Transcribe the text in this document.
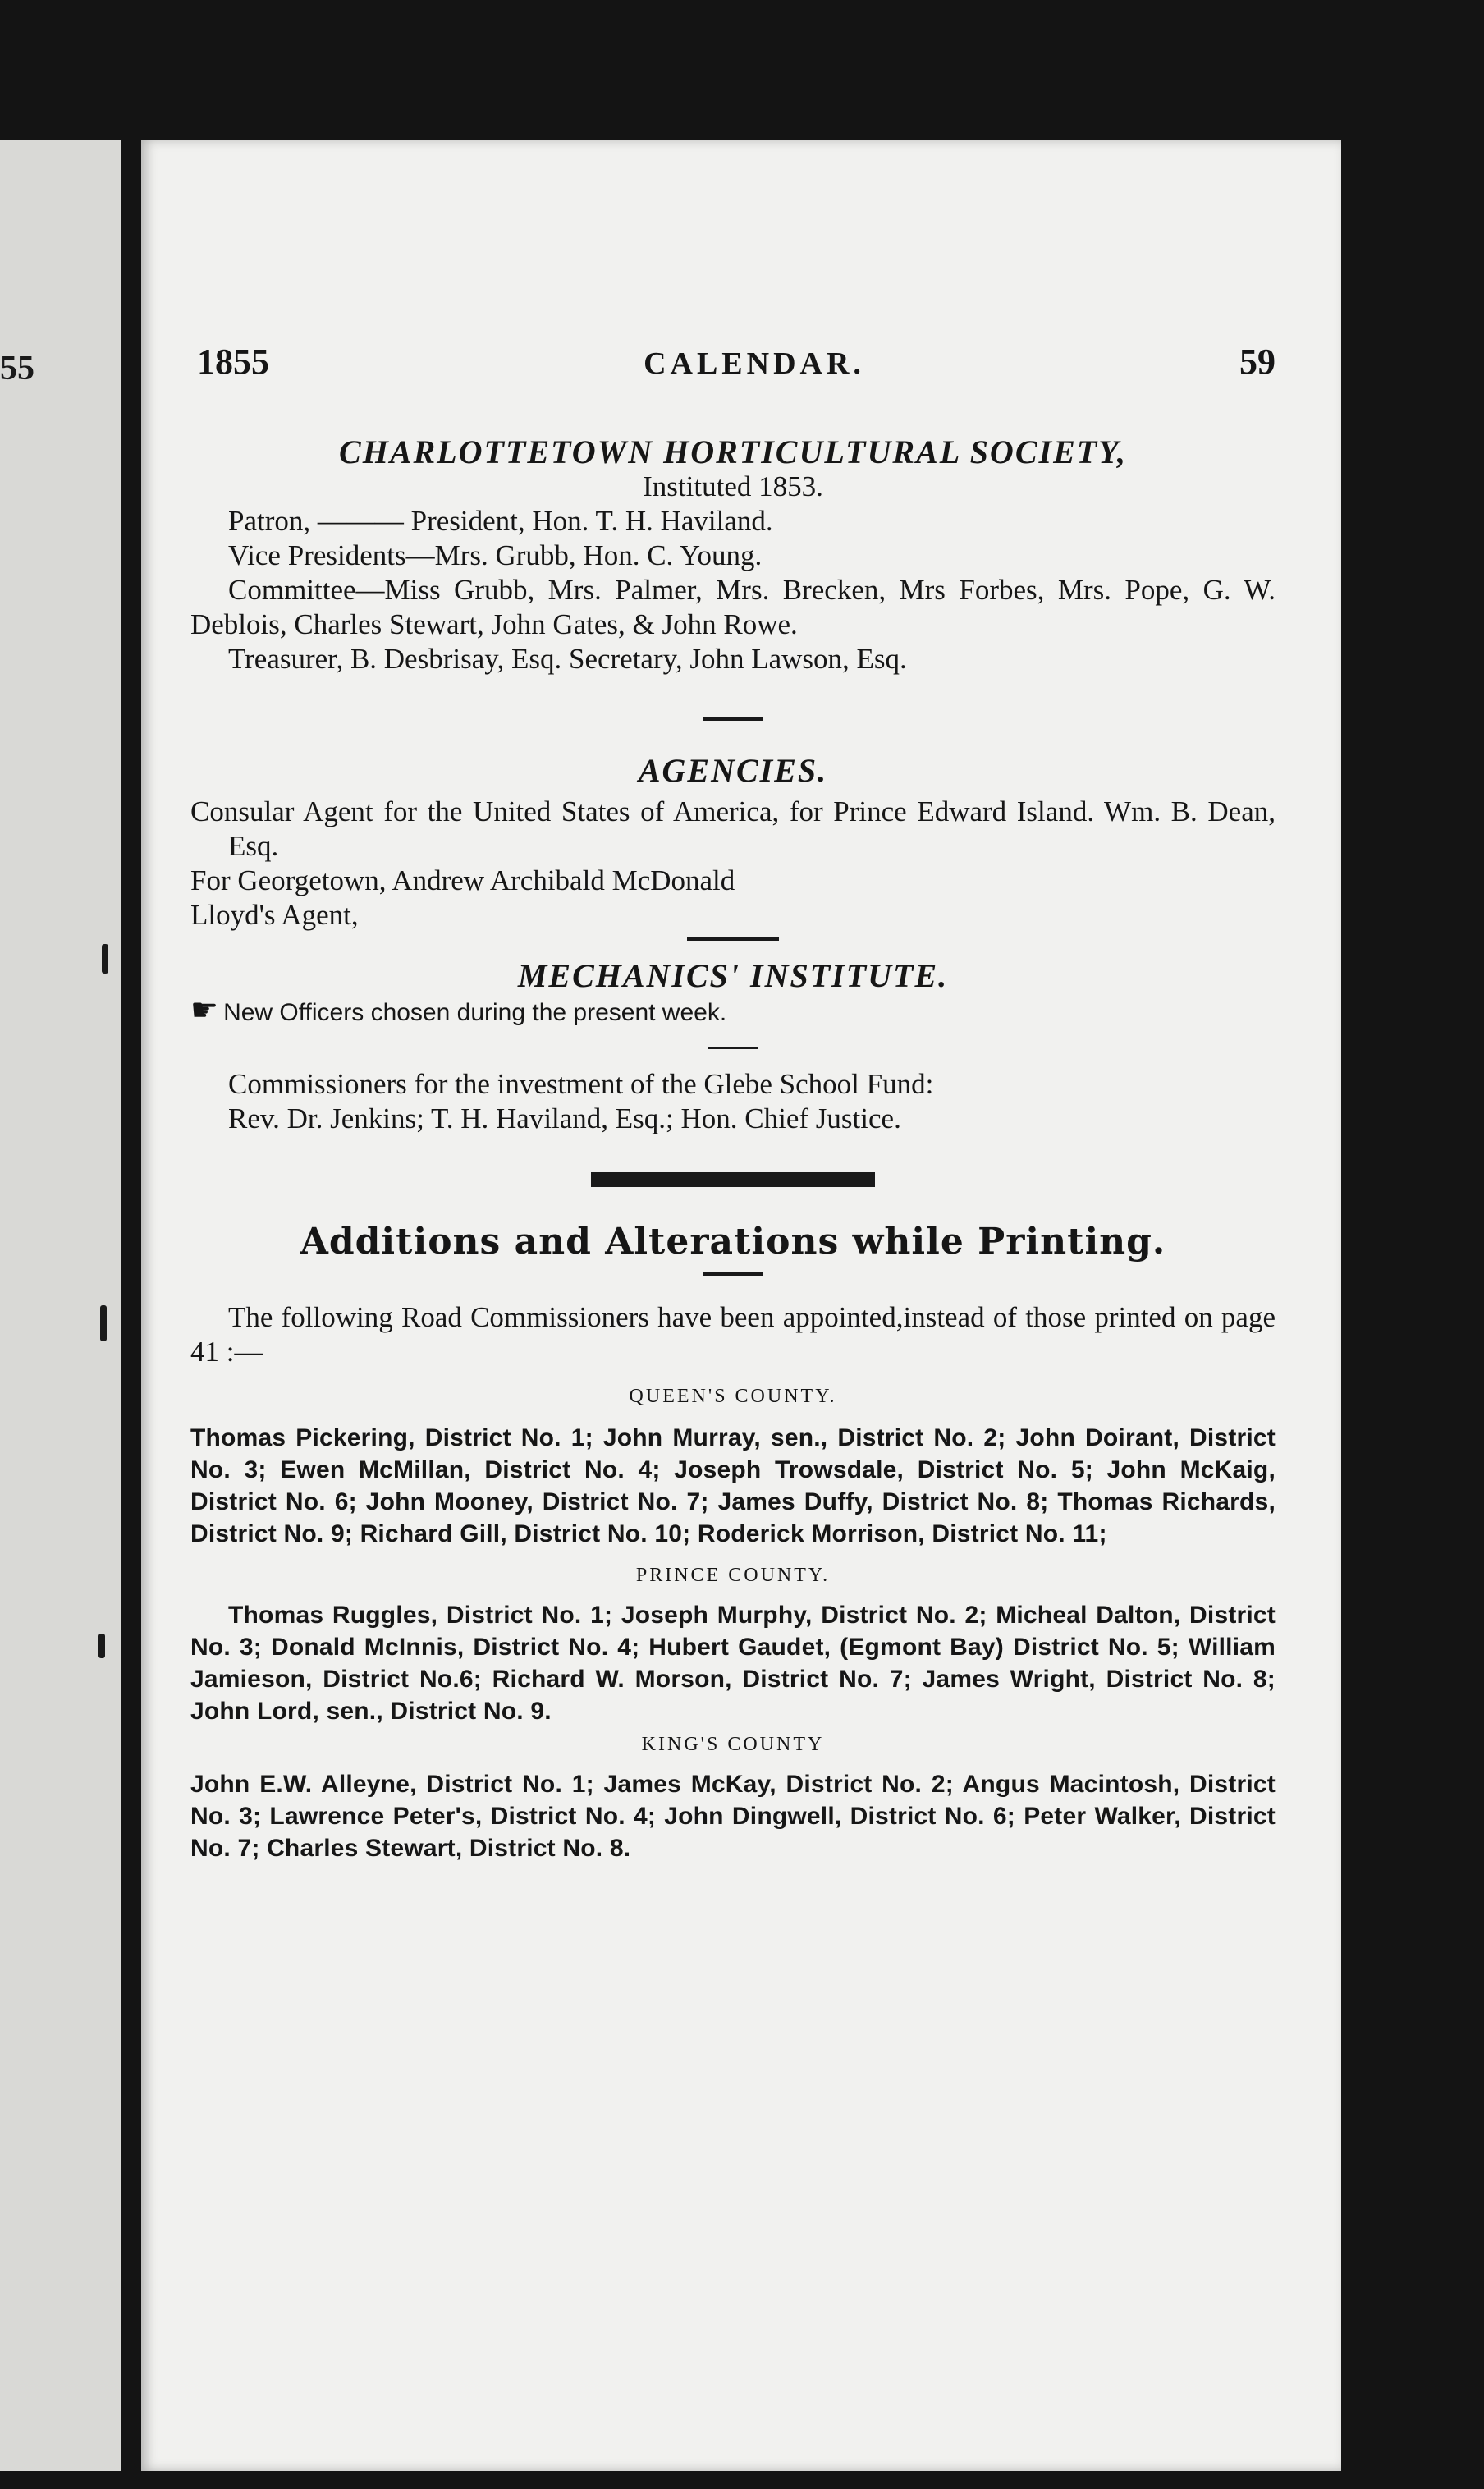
55	1855	CALENDAR.	59

CHARLOTTETOWN HORTICULTURAL SOCIETY,

Instituted 1853.

Patron, ——— President, Hon. T. H. Haviland.

Vice Presidents—Mrs. Grubb, Hon. C. Young.

Committee—Miss Grubb, Mrs. Palmer, Mrs. Brecken, Mrs Forbes, Mrs. Pope, G. W. Deblois, Charles Stewart, John Gates, & John Rowe.

Treasurer, B. Desbrisay, Esq. Secretary, John Lawson, Esq.

AGENCIES.

Consular Agent for the United States of America, for Prince Edward Island. Wm. B. Dean, Esq.

For Georgetown, Andrew Archibald McDonald

Lloyd's Agent,

MECHANICS' INSTITUTE.

☛ New Officers chosen during the present week.

Commissioners for the investment of the Glebe School Fund:

Rev. Dr. Jenkins; T. H. Haviland, Esq.; Hon. Chief Justice.

Additions and Alterations while Printing.

The following Road Commissioners have been appointed,instead of those printed on page 41 :—

QUEEN'S COUNTY.

Thomas Pickering, District No. 1; John Murray, sen., District No. 2; John Doirant, District No. 3; Ewen McMillan, District No. 4; Joseph Trowsdale, District No. 5; John McKaig, District No. 6; John Mooney, District No. 7; James Duffy, District No. 8; Thomas Richards, District No. 9; Richard Gill, District No. 10; Roderick Morrison, District No. 11;

PRINCE COUNTY.

Thomas Ruggles, District No. 1; Joseph Murphy, District No. 2; Micheal Dalton, District No. 3; Donald McInnis, District No. 4; Hubert Gaudet, (Egmont Bay) District No. 5; William Jamieson, District No.6; Richard W. Morson, District No. 7; James Wright, District No. 8; John Lord, sen., District No. 9.

KING'S COUNTY

John E.W. Alleyne, District No. 1; James McKay, District No. 2; Angus Macintosh, District No. 3; Lawrence Peter's, District No. 4; John Dingwell, District No. 6; Peter Walker, District No. 7; Charles Stewart, District No. 8.
